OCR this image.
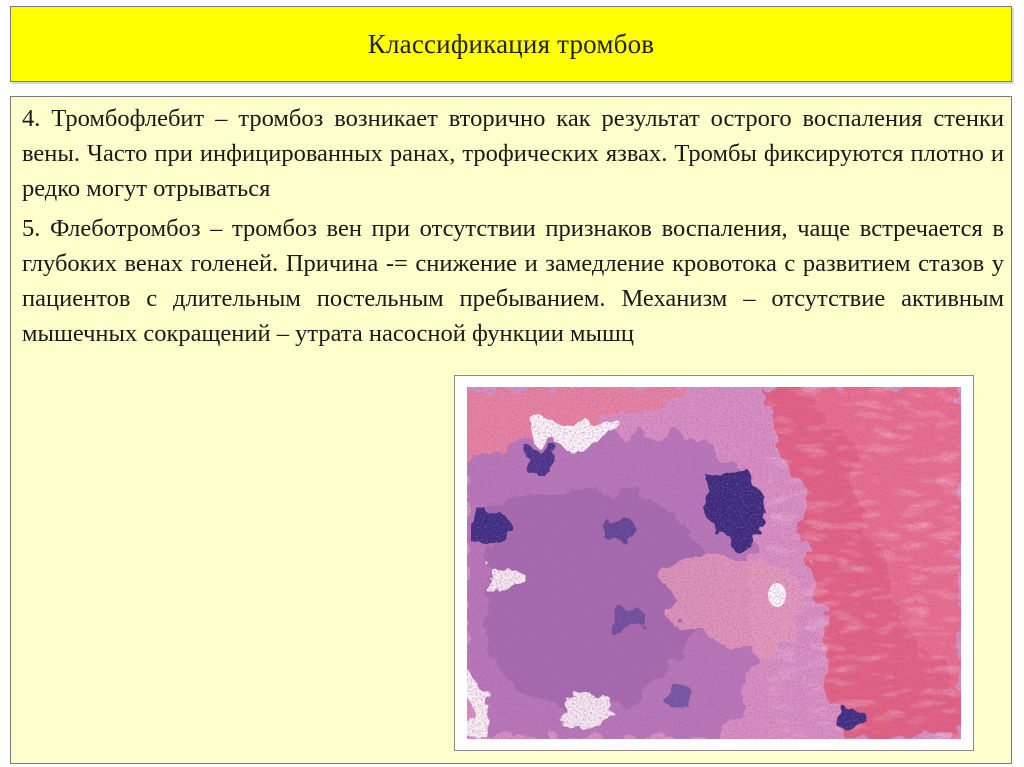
Классификация тромбов

4. Тромбофлебит – тромбоз возникает вторично как результат острого воспаления стенки вены. Часто при инфицированных ранах, трофических язвах. Тромбы фиксируются плотно и редко могут отрываться

5. Флеботромбоз – тромбоз вен при отсутствии признаков воспаления, чаще встречается в глубоких венах голеней. Причина -= снижение и замедление кровотока с развитием стазов у пациентов с длительным постельным пребыванием. Механизм – отсутствие активным мышечных сокращений – утрата насосной функции мышц
